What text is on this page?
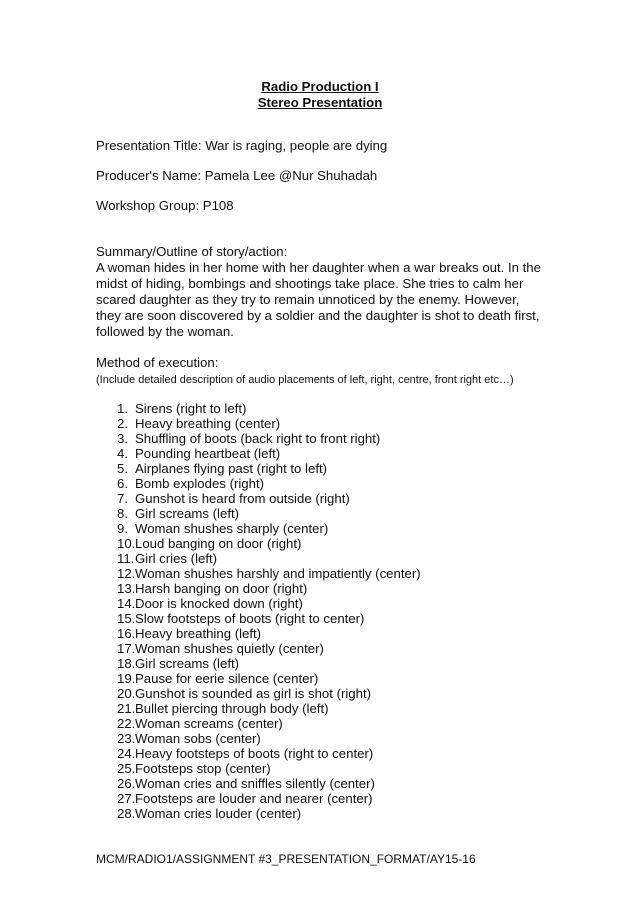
Radio Production I

Stereo Presentation

Presentation Title: War is raging, people are dying

Producer's Name: Pamela Lee @Nur Shuhadah

Workshop Group: P108

Summary/Outline of story/action:

A woman hides in her home with her daughter when a war breaks out. In the midst of hiding, bombings and shootings take place. She tries to calm her scared daughter as they try to remain unnoticed by the enemy. However, they are soon discovered by a soldier and the daughter is shot to death first, followed by the woman.

Method of execution:

(Include detailed description of audio placements of left, right, centre, front right etc…)

1. Sirens (right to left)
2. Heavy breathing (center)
3. Shuffling of boots (back right to front right)
4. Pounding heartbeat (left)
5. Airplanes flying past (right to left)
6. Bomb explodes (right)
7. Gunshot is heard from outside (right)
8. Girl screams (left)
9. Woman shushes sharply (center)
10. Loud banging on door (right)
11. Girl cries (left)
12. Woman shushes harshly and impatiently (center)
13. Harsh banging on door (right)
14. Door is knocked down (right)
15. Slow footsteps of boots (right to center)
16. Heavy breathing (left)
17. Woman shushes quietly (center)
18. Girl screams (left)
19. Pause for eerie silence (center)
20. Gunshot is sounded as girl is shot (right)
21. Bullet piercing through body (left)
22. Woman screams (center)
23. Woman sobs (center)
24. Heavy footsteps of boots (right to center)
25. Footsteps stop (center)
26. Woman cries and sniffles silently (center)
27. Footsteps are louder and nearer (center)
28. Woman cries louder (center)
MCM/RADIO1/ASSIGNMENT #3_PRESENTATION_FORMAT/AY15-16
